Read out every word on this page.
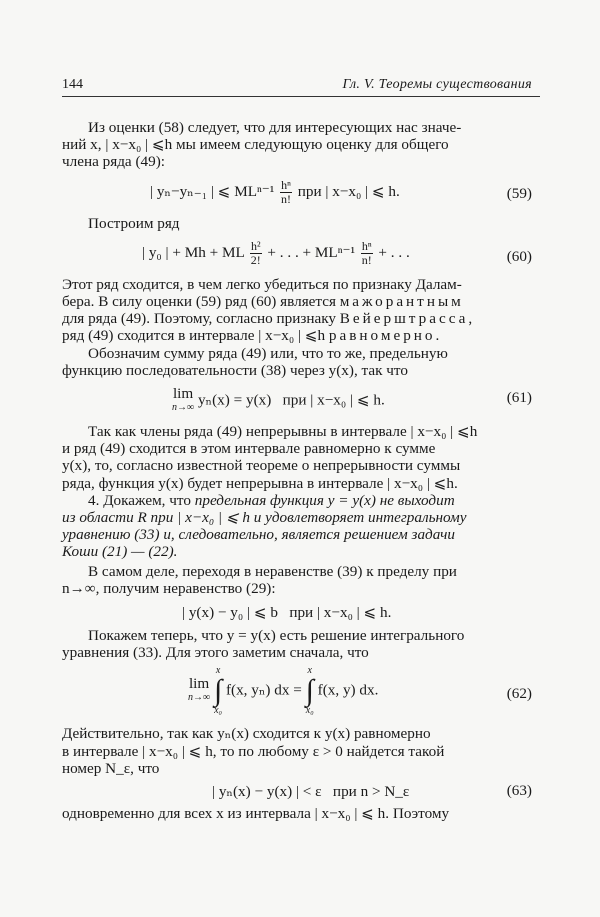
144	Гл. V. Теоремы существования
Из оценки (58) следует, что для интересующих нас значе-
ний x, | x−x₀ | ⩽h мы имеем следующую оценку для общего
члена ряда (49):
| yₙ−yₙ₋₁ | ⩽ $ML^{n-1} \frac{\text{hⁿ}}{n!}$ при | x−x₀ | ⩽ h.	(59)
Построим ряд
| y₀ | + Mh + ML $\frac{\text{h²}}{2!}$ + . . . + $ML^{n-1} \frac{\text{hⁿ}}{n!}$ + . . .	(60)
Этот ряд сходится, в чем легко убедиться по признаку Далам-
бера. В силу оценки (59) ряд (60) является мажорантным
для ряда (49). Поэтому, согласно признаку Вейерштрасса,
ряд (49) сходится в интервале | x−x₀ | ⩽h равномерно.
Обозначим сумму ряда (49) или, что то же, предельную
функцию последовательности (38) через y(x), так что
lim
n→∞ yₙ(x) = y(x)   при | x−x₀ | ⩽ h.	(61)
Так как члены ряда (49) непрерывны в интервале | x−x₀ | ⩽h
и ряд (49) сходится в этом интервале равномерно к сумме
y(x), то, согласно известной теореме о непрерывности суммы
ряда, функция y(x) будет непрерывна в интервале | x−x₀ | ⩽h.
4. Докажем, что предельная функция y = y(x) не выходит
из области R при | x−x₀ | ⩽ h и удовлетворяет интегральному
уравнению (33) и, следовательно, является решением задачи
Коши (21) — (22).
В самом деле, переходя в неравенстве (39) к пределу при
n→∞, получим неравенство (29):
| y(x) − y₀ | ⩽ b   при | x−x₀ | ⩽ h.
Покажем теперь, что y = y(x) есть решение интегрального
уравнения (33). Для этого заметим сначала, что
lim
n→∞

x
∫
x₀
f(x, yₙ) dx =
x
∫
x₀
f(x, y) dx.	(62)
Действительно, так как yₙ(x) сходится к y(x) равномерно
в интервале | x−x₀ | ⩽ h, то по любому ε > 0 найдется такой
номер N_ε, что
| yₙ(x) − y(x) | < ε   при n > N_ε	(63)
одновременно для всех x из интервала | x−x₀ | ⩽ h. Поэтому
